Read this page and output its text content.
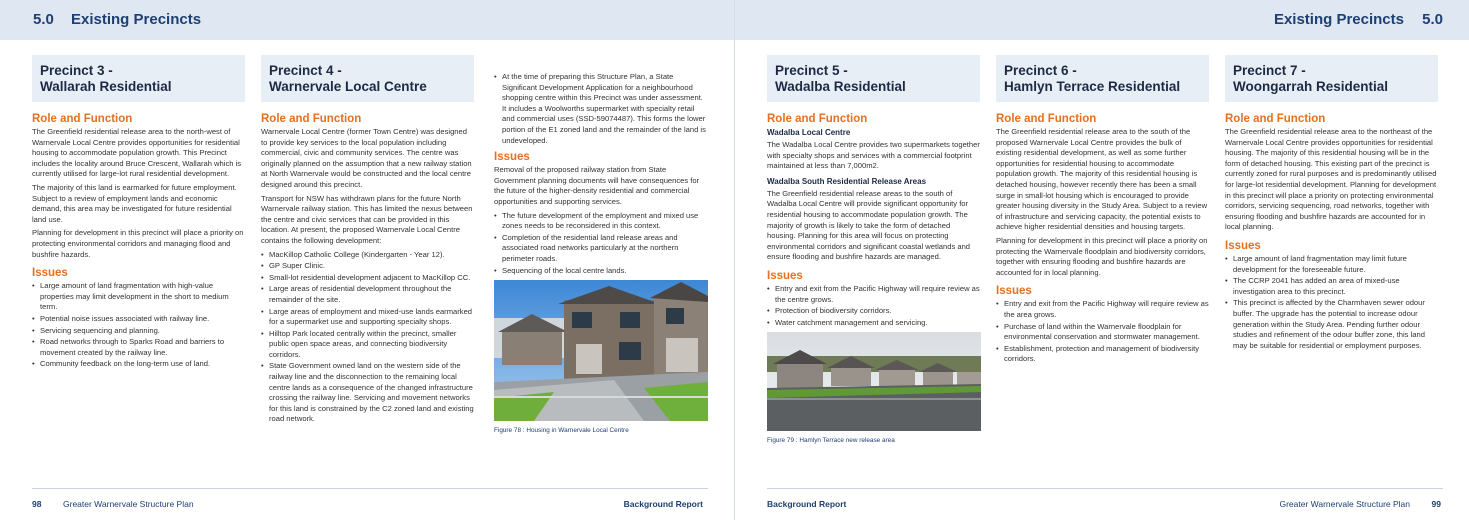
5.0 Existing Precincts
Precinct 3 -
Wallarah Residential
Role and Function

The Greenfield residential release area to the north-west of Warnervale Local Centre provides opportunities for residential housing to accommodate population growth. This Precinct includes the locality around Bruce Crescent, Wallarah which is currently utilised for large-lot rural residential development.

The majority of this land is earmarked for future employment. Subject to a review of employment lands and economic demand, this area may be investigated for future residential land use.

Planning for development in this precinct will place a priority on protecting environmental corridors and managing flood and bushfire hazards.

Issues
• Large amount of land fragmentation with high-value properties may limit development in the short to medium term.
• Potential noise issues associated with railway line.
• Servicing sequencing and planning.
• Road networks through to Sparks Road and barriers to movement created by the railway line.
• Community feedback on the long-term use of land.
Precinct 4 -
Warnervale Local Centre
Role and Function

Warnervale Local Centre (former Town Centre) was designed to provide key services to the local population including commercial, civic and community services. The centre was originally planned on the assumption that a new railway station at North Warnervale would be constructed and the local centre designed around this precinct.

Transport for NSW has withdrawn plans for the future North Warnervale railway station. This has limited the nexus between the centre and civic services that can be provided in this location. At present, the proposed Warnervale Local Centre contains the following development:

• MacKillop Catholic College (Kindergarten - Year 12).
• GP Super Clinic.
• Small-lot residential development adjacent to MacKillop CC.
• Large areas of residential development throughout the remainder of the site.
• Large areas of employment and mixed-use lands earmarked for a supermarket use and supporting specialty shops.
• Hilltop Park located centrally within the precinct, smaller public open space areas, and connecting biodiversity corridors.
• State Government owned land on the western side of the railway line and the disconnection to the remaining local centre lands as a consequence of the changed infrastructure crossing the railway line. Servicing and movement networks for this land is constrained by the C2 zoned land and existing road network.
• At the time of preparing this Structure Plan, a State Significant Development Application for a neighbourhood shopping centre within this Precinct was under assessment. It includes a Woolworths supermarket with specialty retail and commercial uses (SSD-59074487). This forms the lower portion of the E1 zoned land and the remainder of the land is undeveloped.
Issues

Removal of the proposed railway station from State Government planning documents will have consequences for the future of the higher-density residential and commercial opportunities and supporting services.

• The future development of the employment and mixed use zones needs to be reconsidered in this context.
• Completion of the residential land release areas and associated road networks particularly at the northern perimeter roads.
• Sequencing of the local centre lands.
Figure 78 : Housing in Warnervale Local Centre
98	Greater Warnervale Structure Plan	Background Report
Existing Precincts 5.0
Precinct 5 -
Wadalba Residential
Role and Function
Wadalba Local Centre

The Wadalba Local Centre provides two supermarkets together with specialty shops and services with a commercial footprint maintained at less than 7,000m2.

Wadalba South Residential Release Areas

The Greenfield residential release areas to the south of Wadalba Local Centre will provide significant opportunity for residential housing to accommodate population growth. The majority of growth is likely to take the form of detached housing. Planning for this area will focus on protecting environmental corridors and significant coastal wetlands and ensure flooding and bushfire hazards are managed.

Issues
• Entry and exit from the Pacific Highway will require review as the centre grows.
• Protection of biodiversity corridors.
• Water catchment management and servicing.
Figure 79 : Hamlyn Terrace new release area
Precinct 6 -
Hamlyn Terrace Residential
Role and Function

The Greenfield residential release area to the south of the proposed Warnervale Local Centre provides the bulk of existing residential development, as well as some further opportunities for residential housing to accommodate population growth. The majority of this residential housing is detached housing, however recently there has been a small surge in small-lot housing which is encouraged to provide greater housing diversity in the Study Area. Subject to a review of infrastructure and servicing capacity, the potential exists to achieve higher residential densities and housing targets.

Planning for development in this precinct will place a priority on protecting the Warnervale floodplain and biodiversity corridors, together with ensuring flooding and bushfire hazards are accounted for in local planning.

Issues
• Entry and exit from the Pacific Highway will require review as the area grows.
• Purchase of land within the Warnervale floodplain for environmental conservation and stormwater management.
• Establishment, protection and management of biodiversity corridors.
Precinct 7 -
Woongarrah Residential
Role and Function

The Greenfield residential release area to the northeast of the Warnervale Local Centre provides opportunities for residential housing. The majority of this residential housing will be in the form of detached housing. This existing part of the precinct is currently zoned for rural purposes and is predominantly utilised for large-lot residential development. Planning for development in this precinct will place a priority on protecting environmental corridors, servicing sequencing, road networks, together with ensuring flooding and bushfire hazards are accounted for in local planning.

Issues
• Large amount of land fragmentation may limit future development for the foreseeable future.
• The CCRP 2041 has added an area of mixed-use investigation area to this precinct.
• This precinct is affected by the Charmhaven sewer odour buffer. The upgrade has the potential to increase odour generation within the Study Area. Pending further odour studies and refinement of the odour buffer zone, this land may be suitable for residential or employment purposes.
Background Report	Greater Warnervale Structure Plan	99
